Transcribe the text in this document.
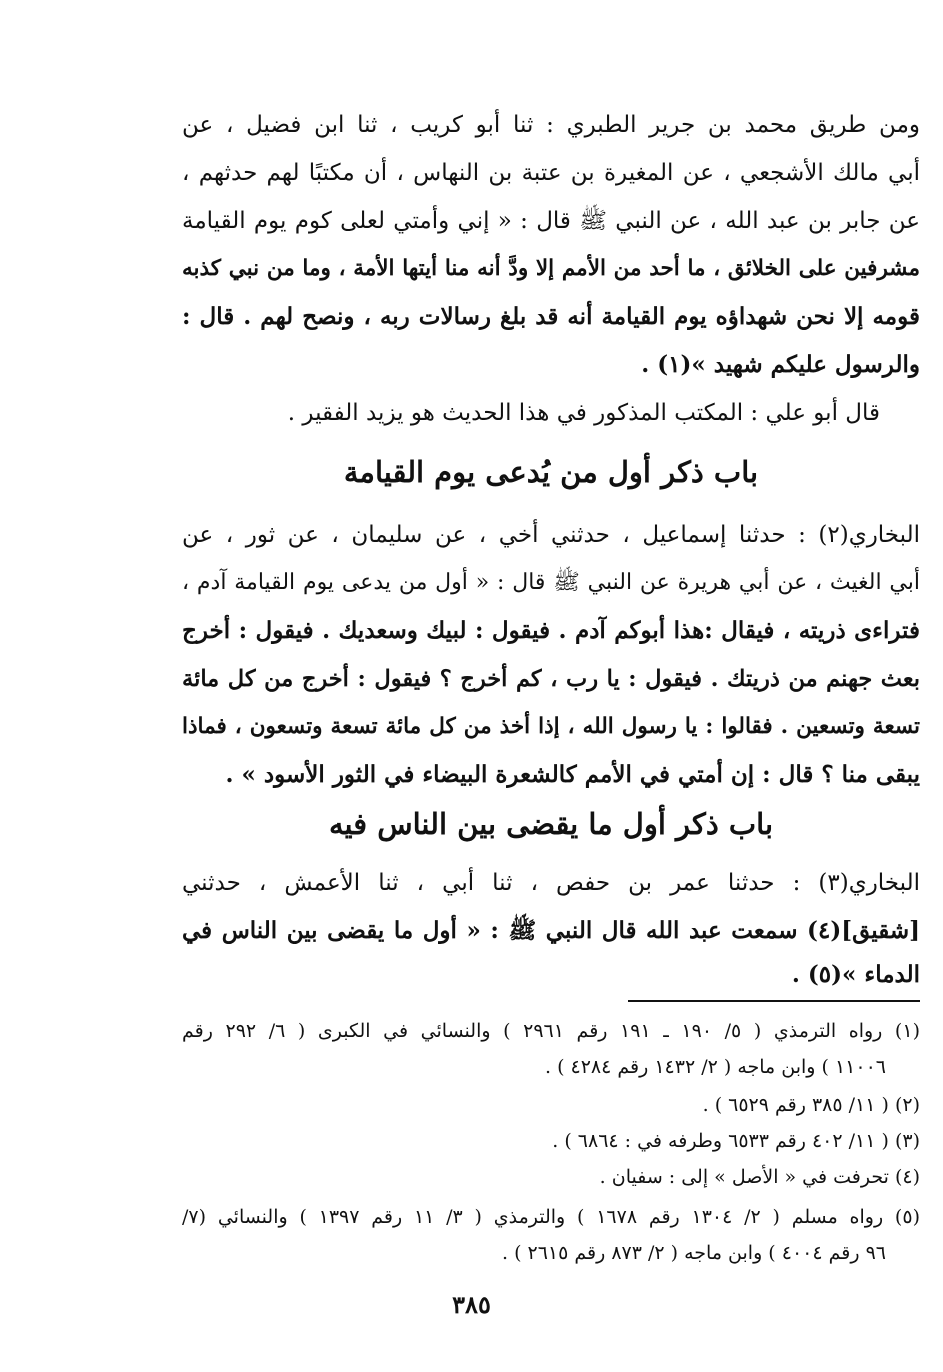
ومن طريق محمد بن جرير الطبري : ثنا أبو كريب ، ثنا ابن فضيل ، عن
أبي مالك الأشجعي ، عن المغيرة بن عتبة بن النهاس ، أن مكتبًا لهم حدثهم ،
عن جابر بن عبد الله ، عن النبي ﷺ قال : « إني وأمتي لعلى كوم يوم القيامة
مشرفين على الخلائق ، ما أحد من الأمم إلا ودَّ أنه منا أيتها الأمة ، وما من نبي كذبه
قومه إلا نحن شهداؤه يوم القيامة أنه قد بلغ رسالات ربه ، ونصح لهم . قال :
والرسول عليكم شهيد »(١) .
قال أبو علي : المكتب المذكور في هذا الحديث هو يزيد الفقير .
باب ذكر أول من يُدعى يوم القيامة
البخاري(٢) : حدثنا إسماعيل ، حدثني أخي ، عن سليمان ، عن ثور ، عن
أبي الغيث ، عن أبي هريرة عن النبي ﷺ قال : « أول من يدعى يوم القيامة آدم ،
فتراءى ذريته ، فيقال :هذا أبوكم آدم . فيقول : لبيك وسعديك . فيقول : أخرج
بعث جهنم من ذريتك . فيقول : يا رب ، كم أخرج ؟ فيقول : أخرج من كل مائة
تسعة وتسعين . فقالوا : يا رسول الله ، إذا أخذ من كل مائة تسعة وتسعون ، فماذا
يبقى منا ؟ قال : إن أمتي في الأمم كالشعرة البيضاء في الثور الأسود » .
باب ذكر أول ما يقضى بين الناس فيه
البخاري(٣) : حدثنا عمر بن حفص ، ثنا أبي ، ثنا الأعمش ، حدثني
[شقيق](٤) سمعت عبد الله قال النبي ﷺ : « أول ما يقضى بين الناس في
الدماء »(٥) .
(١) رواه الترمذي ( ٥/ ١٩٠ ـ ١٩١ رقم ٢٩٦١ ) والنسائي في الكبرى ( ٦/ ٢٩٢ رقم
١١٠٠٦ ) وابن ماجه ( ٢/ ١٤٣٢ رقم ٤٢٨٤ ) .
(٢) ( ١١/ ٣٨٥ رقم ٦٥٢٩ ) .
(٣) ( ١١/ ٤٠٢ رقم ٦٥٣٣ وطرفه في : ٦٨٦٤ ) .
(٤) تحرفت في « الأصل » إلى : سفيان .
(٥) رواه مسلم ( ٢/ ١٣٠٤ رقم ١٦٧٨ ) والترمذي ( ٣/ ١١ رقم ١٣٩٧ ) والنسائي (٧/
٩٦ رقم ٤٠٠٤ ) وابن ماجه ( ٢/ ٨٧٣ رقم ٢٦١٥ ) .
٣٨٥
